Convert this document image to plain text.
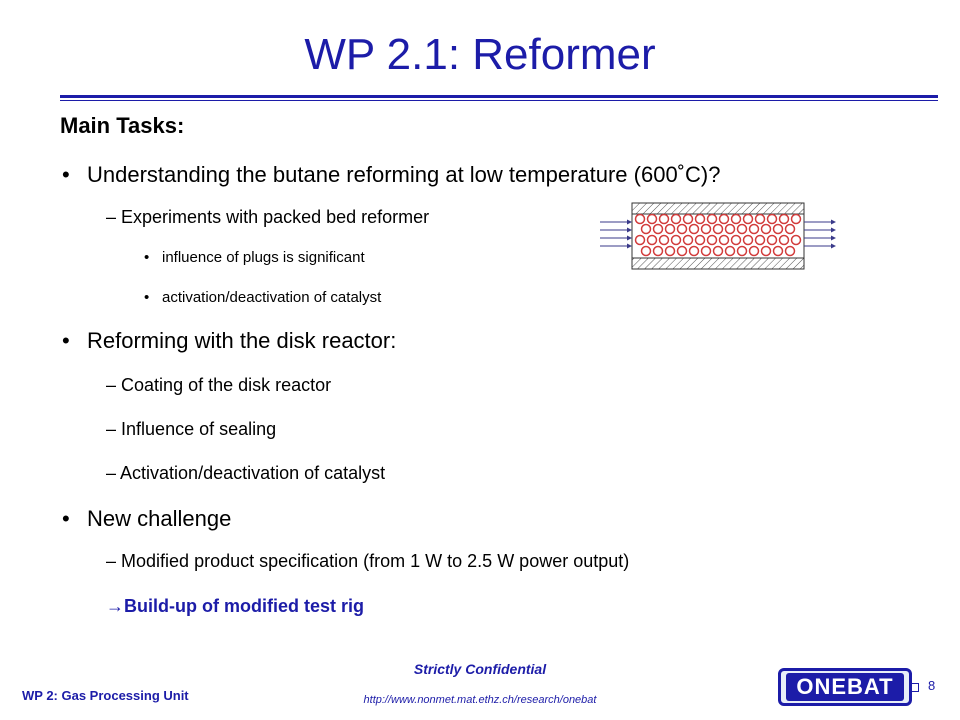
WP 2.1: Reformer
Main Tasks:
• Understanding the butane reforming at low temperature (600˚C)?
– Experiments with packed bed reformer
• influence of plugs is significant
• activation/deactivation of catalyst
• Reforming with the disk reactor:
– Coating of the disk reactor
– Influence of sealing
– Activation/deactivation of catalyst
• New challenge
– Modified product specification (from 1 W to 2.5 W power output)
→Build-up of modified test rig
WP 2: Gas Processing Unit
Strictly Confidential
http://www.nonmet.mat.ethz.ch/research/onebat
ONEBAT	8
